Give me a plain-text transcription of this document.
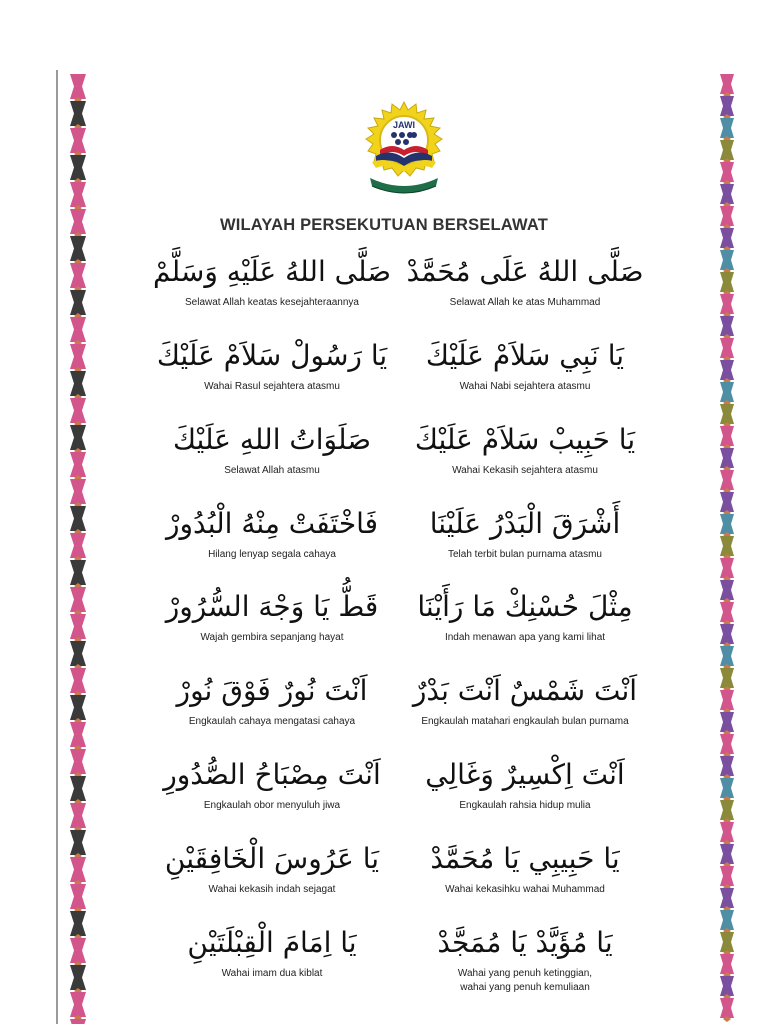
JAWI
WILAYAH PERSEKUTUAN BERSELAWAT
صَلَّى اللهُ عَلَيْهِ وَسَلَّمْ
Selawat Allah keatas kesejahteraannya
صَلَّى اللهُ عَلَى مُحَمَّدْ
Selawat Allah ke atas Muhammad
يَا رَسُولْ سَلاَمْ عَلَيْكَ
Wahai Rasul sejahtera atasmu
يَا نَبِي سَلاَمْ عَلَيْكَ
Wahai Nabi sejahtera atasmu
صَلَوَاتُ اللهِ عَلَيْكَ
Selawat Allah atasmu
يَا حَبِيبْ سَلاَمْ عَلَيْكَ
Wahai Kekasih sejahtera atasmu
فَاخْتَفَتْ مِنْهُ الْبُدُورْ
Hilang lenyap segala cahaya
أَشْرَقَ الْبَدْرُ عَلَيْنَا
Telah terbit bulan purnama atasmu
قَطُّ يَا وَجْهَ السُّرُورْ
Wajah gembira sepanjang hayat
مِثْلَ حُسْنِكْ مَا رَأَيْنَا
Indah menawan apa yang kami lihat
اَنْتَ نُورٌ فَوْقَ نُورْ
Engkaulah cahaya mengatasi cahaya
اَنْتَ شَمْسٌ اَنْتَ بَدْرٌ
Engkaulah matahari engkaulah bulan purnama
اَنْتَ مِصْبَاحُ الصُّدُورِ
Engkaulah obor menyuluh jiwa
اَنْتَ اِكْسِيرٌ وَغَالِي
Engkaulah rahsia hidup mulia
يَا عَرُوسَ الْخَافِقَيْنِ
Wahai kekasih indah sejagat
يَا حَبِيبِي يَا مُحَمَّدْ
Wahai kekasihku wahai Muhammad
يَا اِمَامَ الْقِبْلَتَيْنِ
Wahai imam dua kiblat
يَا مُؤَيَّدْ يَا مُمَجَّدْ
Wahai yang penuh ketinggian,
wahai yang penuh kemuliaan
